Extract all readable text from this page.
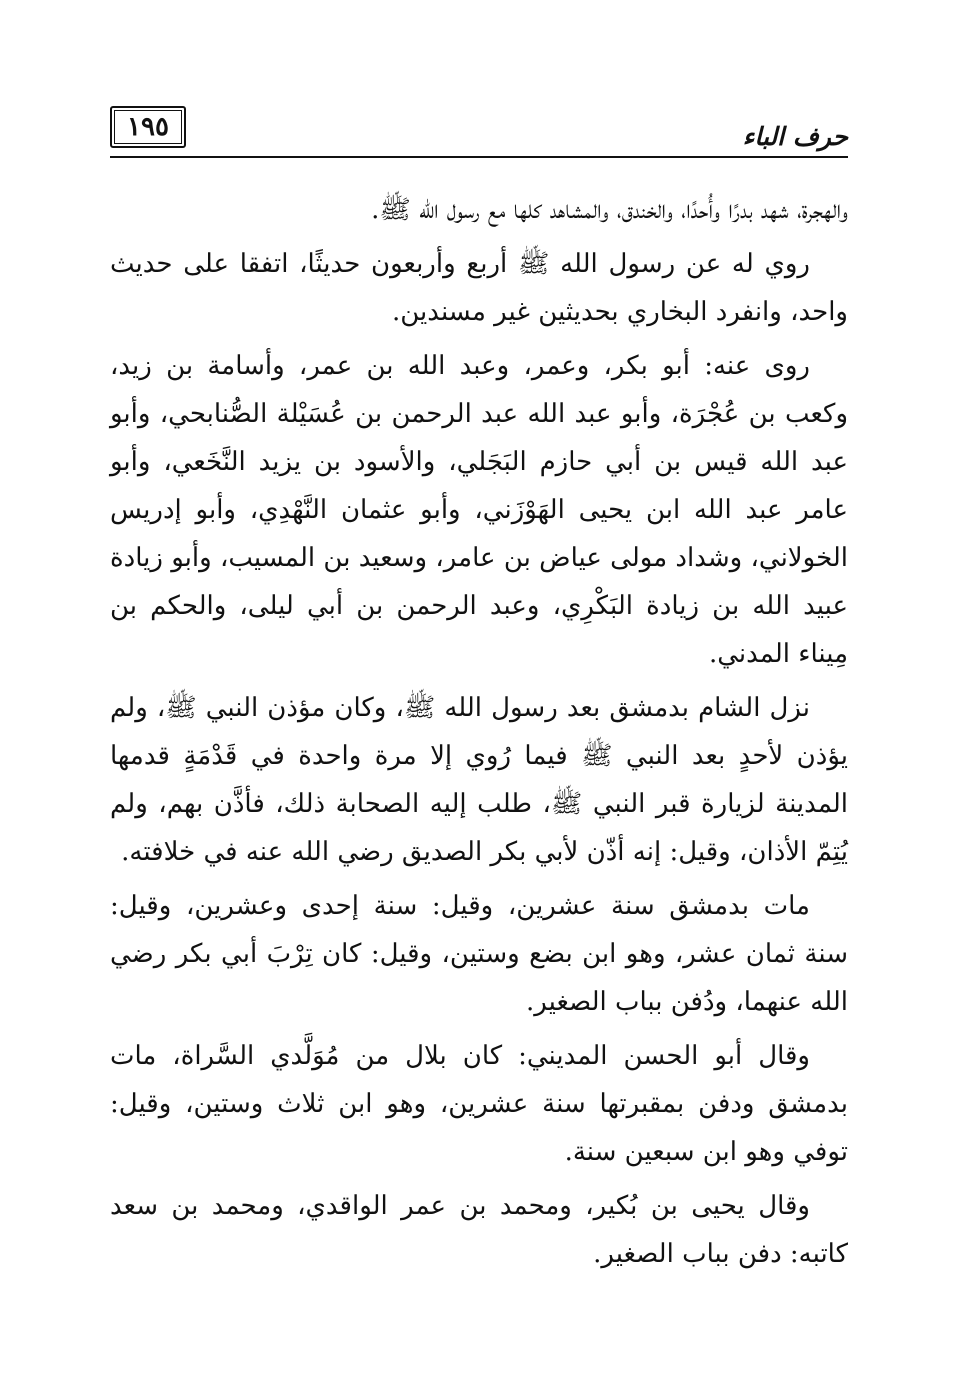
١٩٥	حرف الباء

والهجرة، شهد بدرًا وأُحدًا، والخندق، والمشاهد كلها مع رسول الله ﷺ.

روي له عن رسول الله ﷺ أربع وأربعون حديثًا، اتفقا على حديث واحد، وانفرد البخاري بحديثين غير مسندين.

روى عنه: أبو بكر، وعمر، وعبد الله بن عمر، وأسامة بن زيد، وكعب بن عُجْرَة، وأبو عبد الله عبد الرحمن بن عُسَيْلة الصُّنابحي، وأبو عبد الله قيس بن أبي حازم البَجَلي، والأسود بن يزيد النَّخَعي، وأبو عامر عبد الله ابن يحيى الهَوْزَني، وأبو عثمان النَّهْدِي، وأبو إدريس الخولاني، وشداد مولى عياض بن عامر، وسعيد بن المسيب، وأبو زيادة عبيد الله بن زيادة البَكْرِي، وعبد الرحمن بن أبي ليلى، والحكم بن مِيناء المدني.

نزل الشام بدمشق بعد رسول الله ﷺ، وكان مؤذن النبي ﷺ، ولم يؤذن لأحدٍ بعد النبي ﷺ فيما رُوي إلا مرة واحدة في قَدْمَةٍ قدمها المدينة لزيارة قبر النبي ﷺ، طلب إليه الصحابة ذلك، فأذَّن بهم، ولم يُتِمّ الأذان، وقيل: إنه أذّن لأبي بكر الصديق رضي الله عنه في خلافته.

مات بدمشق سنة عشرين، وقيل: سنة إحدى وعشرين، وقيل: سنة ثمان عشر، وهو ابن بضع وستين، وقيل: كان تِرْبَ أبي بكر رضي الله عنهما، ودُفن بباب الصغير.

وقال أبو الحسن المديني: كان بلال من مُوَلَّدي السَّراة، مات بدمشق ودفن بمقبرتها سنة عشرين، وهو ابن ثلاث وستين، وقيل: توفي وهو ابن سبعين سنة.

وقال يحيى بن بُكير، ومحمد بن عمر الواقدي، ومحمد بن سعد كاتبه: دفن بباب الصغير.
